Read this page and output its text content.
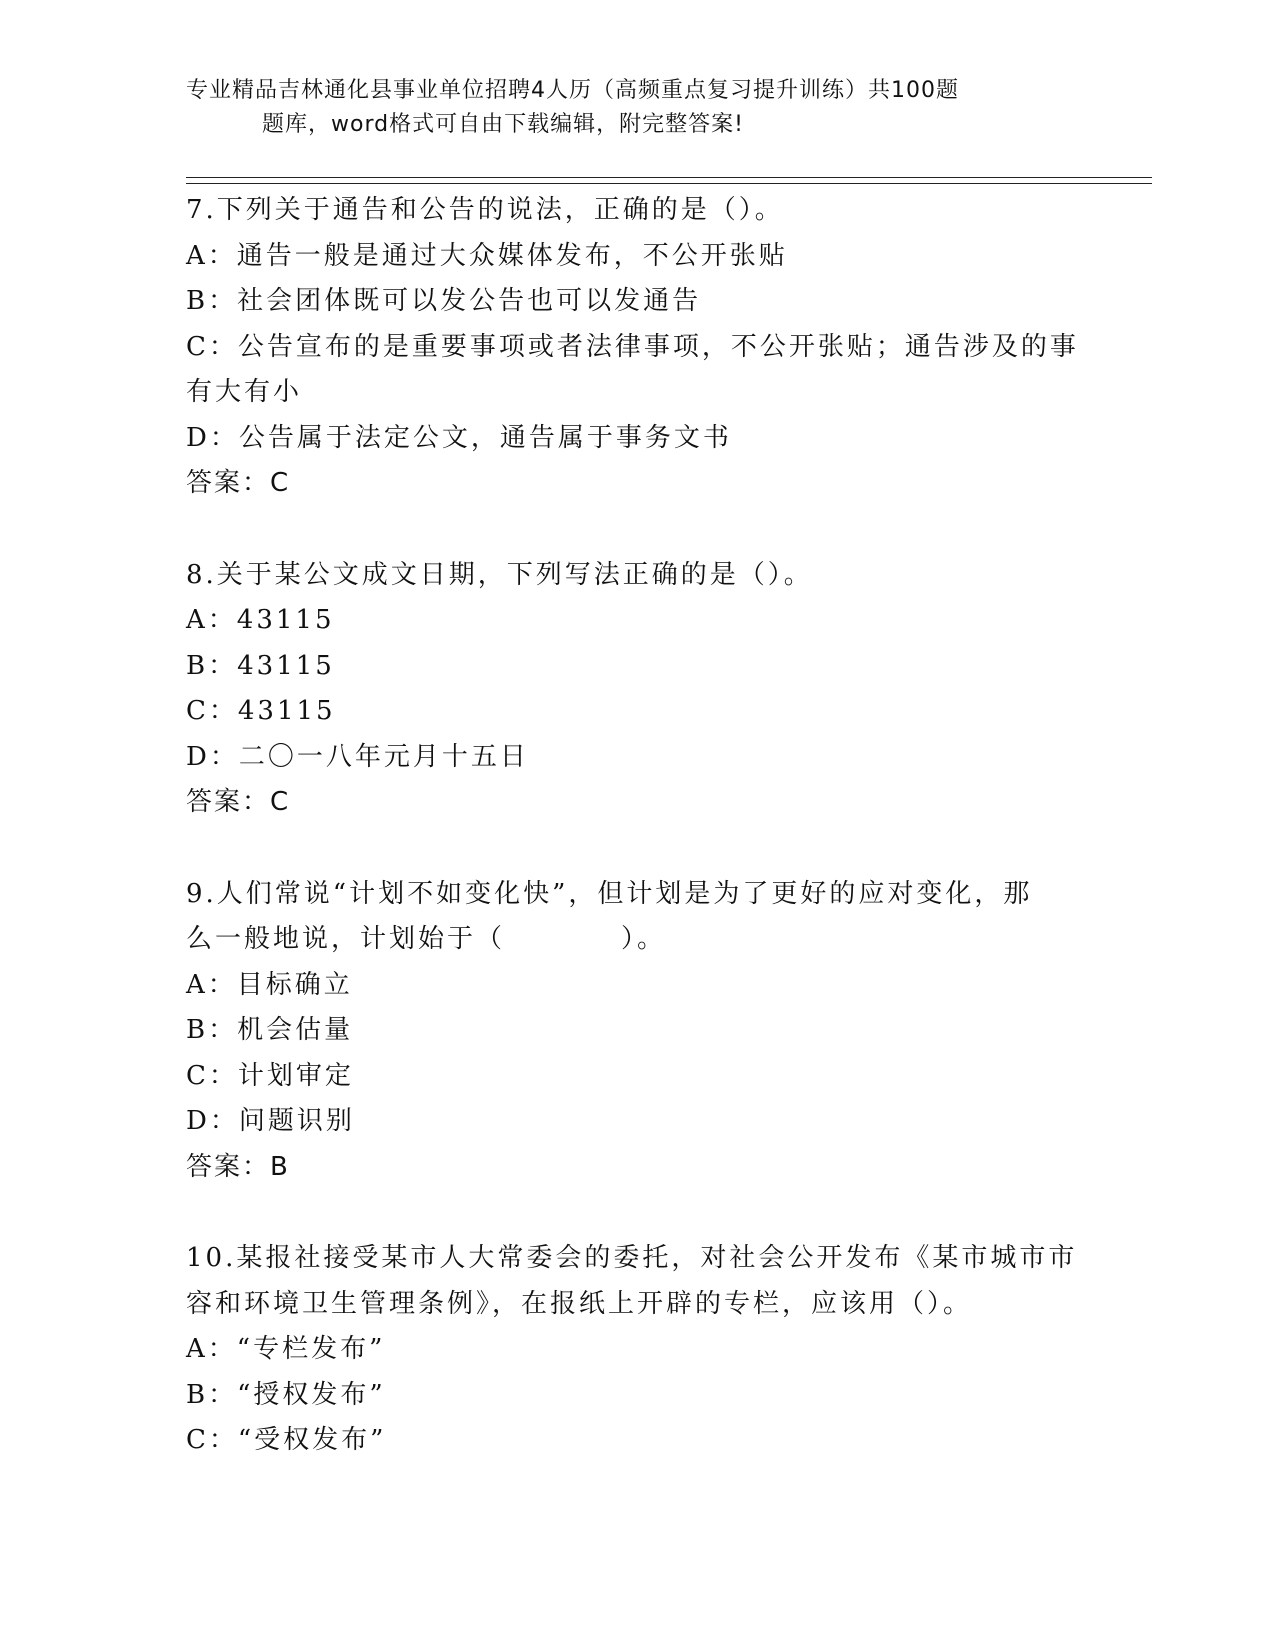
专业精品吉林通化县事业单位招聘4人历（高频重点复习提升训练）共100题
题库，word格式可自由下载编辑，附完整答案!
7.下列关于通告和公告的说法，正确的是（）。
A：通告一般是通过大众媒体发布，不公开张贴
B：社会团体既可以发公告也可以发通告
C：公告宣布的是重要事项或者法律事项，不公开张贴；通告涉及的事
有大有小
D：公告属于法定公文，通告属于事务文书
答案：C
8.关于某公文成文日期，下列写法正确的是（）。
A：43115
B：43115
C：43115
D：二〇一八年元月十五日
答案：C
9.人们常说“计划不如变化快”，但计划是为了更好的应对变化，那
么一般地说，计划始于（　　　　）。
A：目标确立
B：机会估量
C：计划审定
D：问题识别
答案：B
10.某报社接受某市人大常委会的委托，对社会公开发布《某市城市市
容和环境卫生管理条例》，在报纸上开辟的专栏，应该用（）。
A：“专栏发布”
B：“授权发布”
C：“受权发布”
